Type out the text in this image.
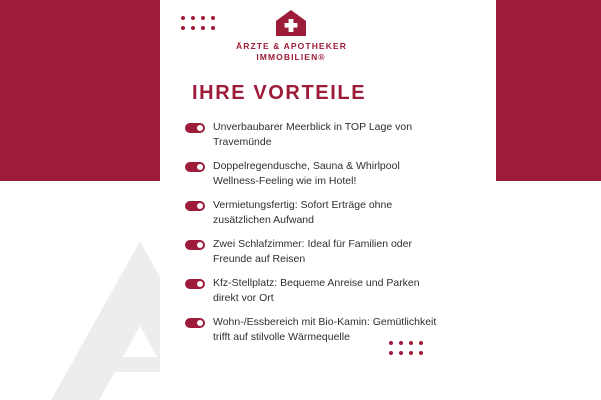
ÄRZTE & APOTHEKER
IMMOBILIEN®
IHRE VORTEILE
Unverbaubarer Meerblick in TOP Lage von Travemünde
Doppelregendusche, Sauna & Whirlpool Wellness-Feeling wie im Hotel!
Vermietungsfertig: Sofort Erträge ohne zusätzlichen Aufwand
Zwei Schlafzimmer: Ideal für Familien oder Freunde auf Reisen
Kfz-Stellplatz: Bequeme Anreise und Parken direkt vor Ort
Wohn-/Essbereich mit Bio-Kamin: Gemütlichkeit trifft auf stilvolle Wärmequelle
